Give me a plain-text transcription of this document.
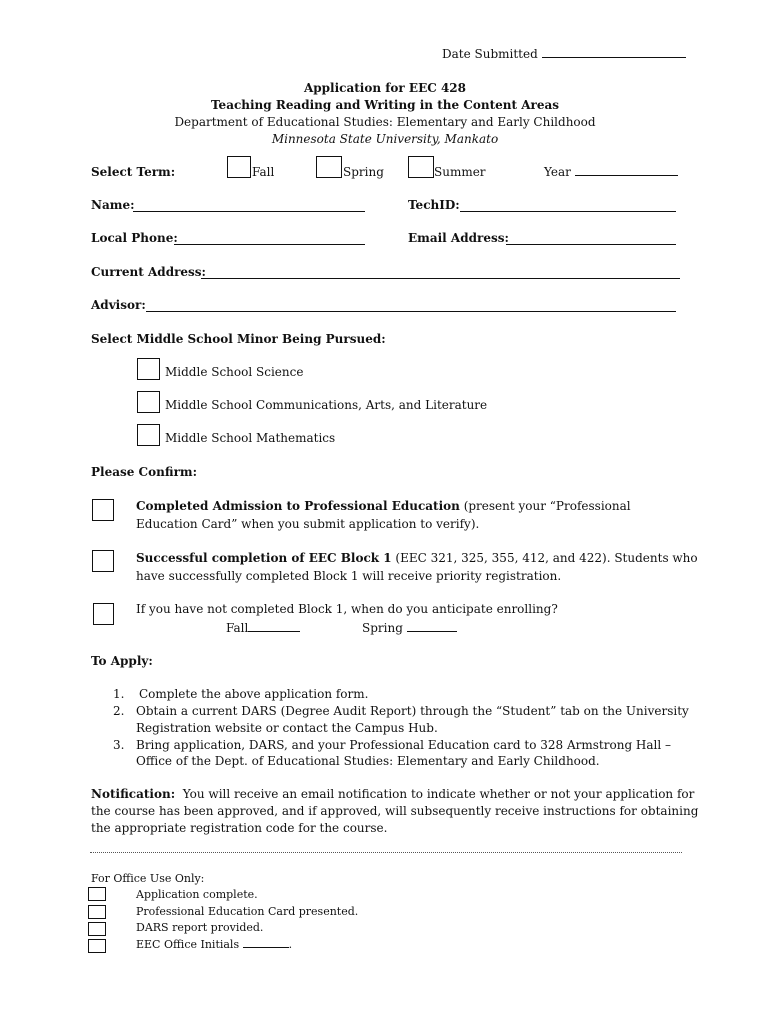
Date Submitted
Application for EEC 428
Teaching Reading and Writing in the Content Areas
Department of Educational Studies: Elementary and Early Childhood
Minnesota State University, Mankato
Select Term:	Fall	Spring	Summer	Year
Name:	TechID:
Local Phone:	Email Address:
Current Address:
Advisor:
Select Middle School Minor Being Pursued:
Middle School Science
Middle School Communications, Arts, and Literature
Middle School Mathematics
Please Confirm:
Completed Admission to Professional Education (present your “Professional
Education Card” when you submit application to verify).
Successful completion of EEC Block 1 (EEC 321, 325, 355, 412, and 422). Students who
have successfully completed Block 1 will receive priority registration.
If you have not completed Block 1, when do you anticipate enrolling?
Fall	Spring
To Apply:
1. Complete the above application form.
2. Obtain a current DARS (Degree Audit Report) through the “Student” tab on the University
Registration website or contact the Campus Hub.
3. Bring application, DARS, and your Professional Education card to 328 Armstrong Hall –
Office of the Dept. of Educational Studies: Elementary and Early Childhood.
Notification:  You will receive an email notification to indicate whether or not your application for
the course has been approved, and if approved, will subsequently receive instructions for obtaining
the appropriate registration code for the course.
For Office Use Only:
Application complete.
Professional Education Card presented.
DARS report provided.
EEC Office Initials	.
